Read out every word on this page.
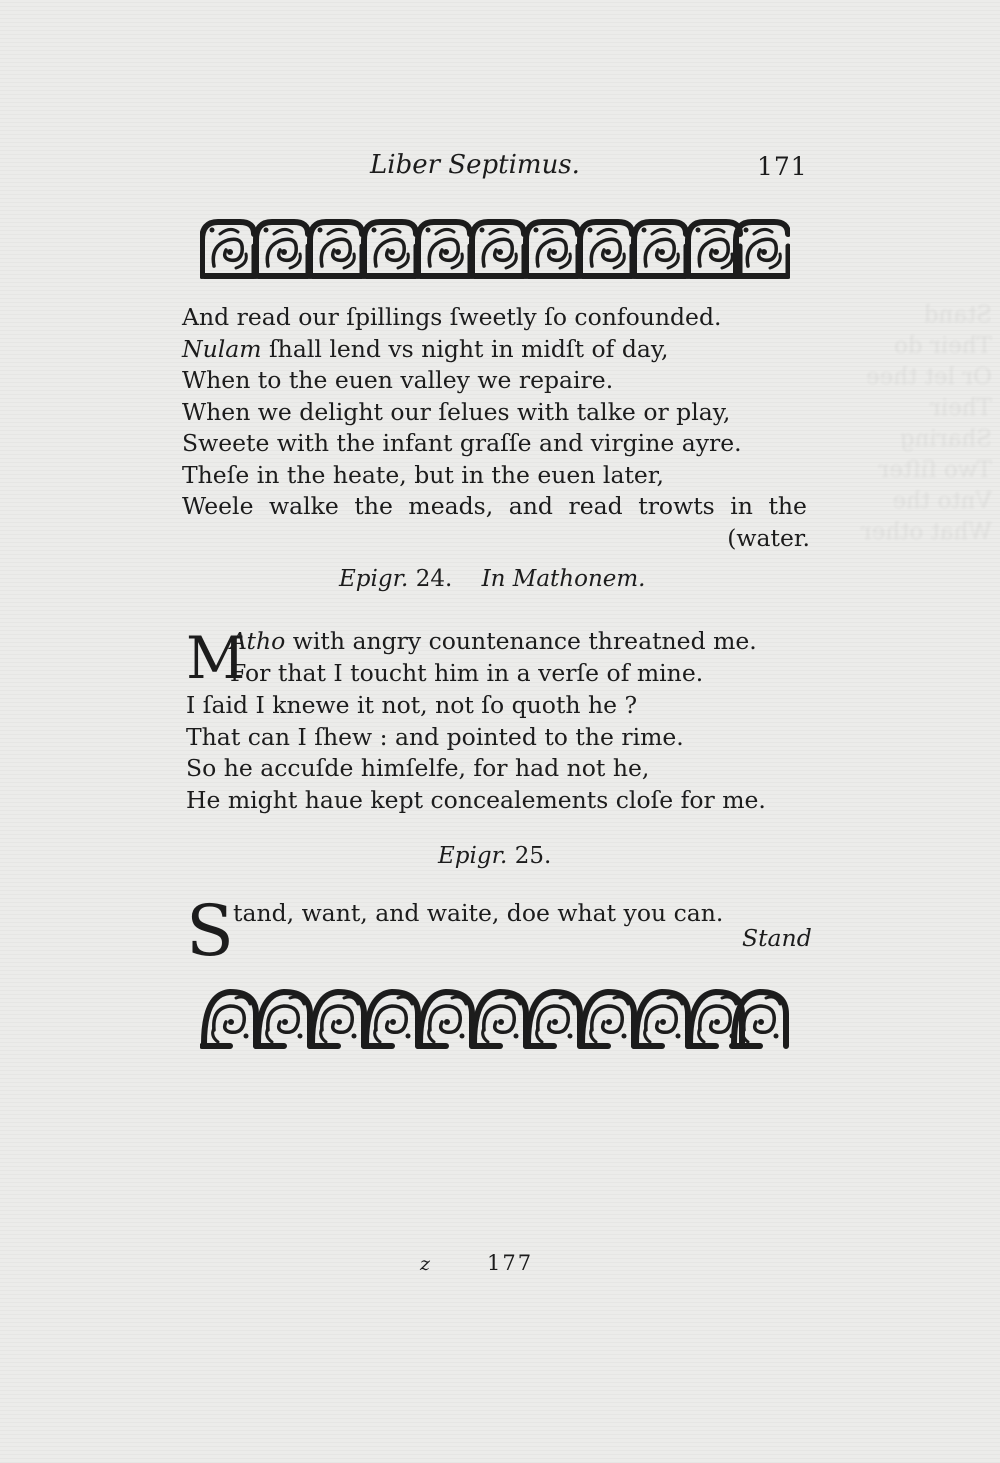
Stand
Their do
Or let thee
Their
Sharing
Two ſiſter
Vnto the
What other
Liber Septimus.	171
And read our ſpillings ſweetly ſo confounded.
Nulam ſhall lend vs night in midſt of day,
When to the euen valley we repaire.
When we delight our ſelues with talke or play,
Sweete with the infant graſſe and virgine ayre.
Theſe in the heate, but in the euen later,
Weele walke the meads, and read trowts in the
(water.
Epigr. 24. In Mathonem.
M
Atho with angry countenance threatned me.
For that I toucht him in a verſe of mine.
I ſaid I knewe it not, not ſo quoth he ?
That can I ſhew : and pointed to the rime.
So he accuſde himſelfe, for had not he,
He might haue kept concealements cloſe for me.
Epigr. 25.
S tand, want, and waite, doe what you can.
Stand
z	177
